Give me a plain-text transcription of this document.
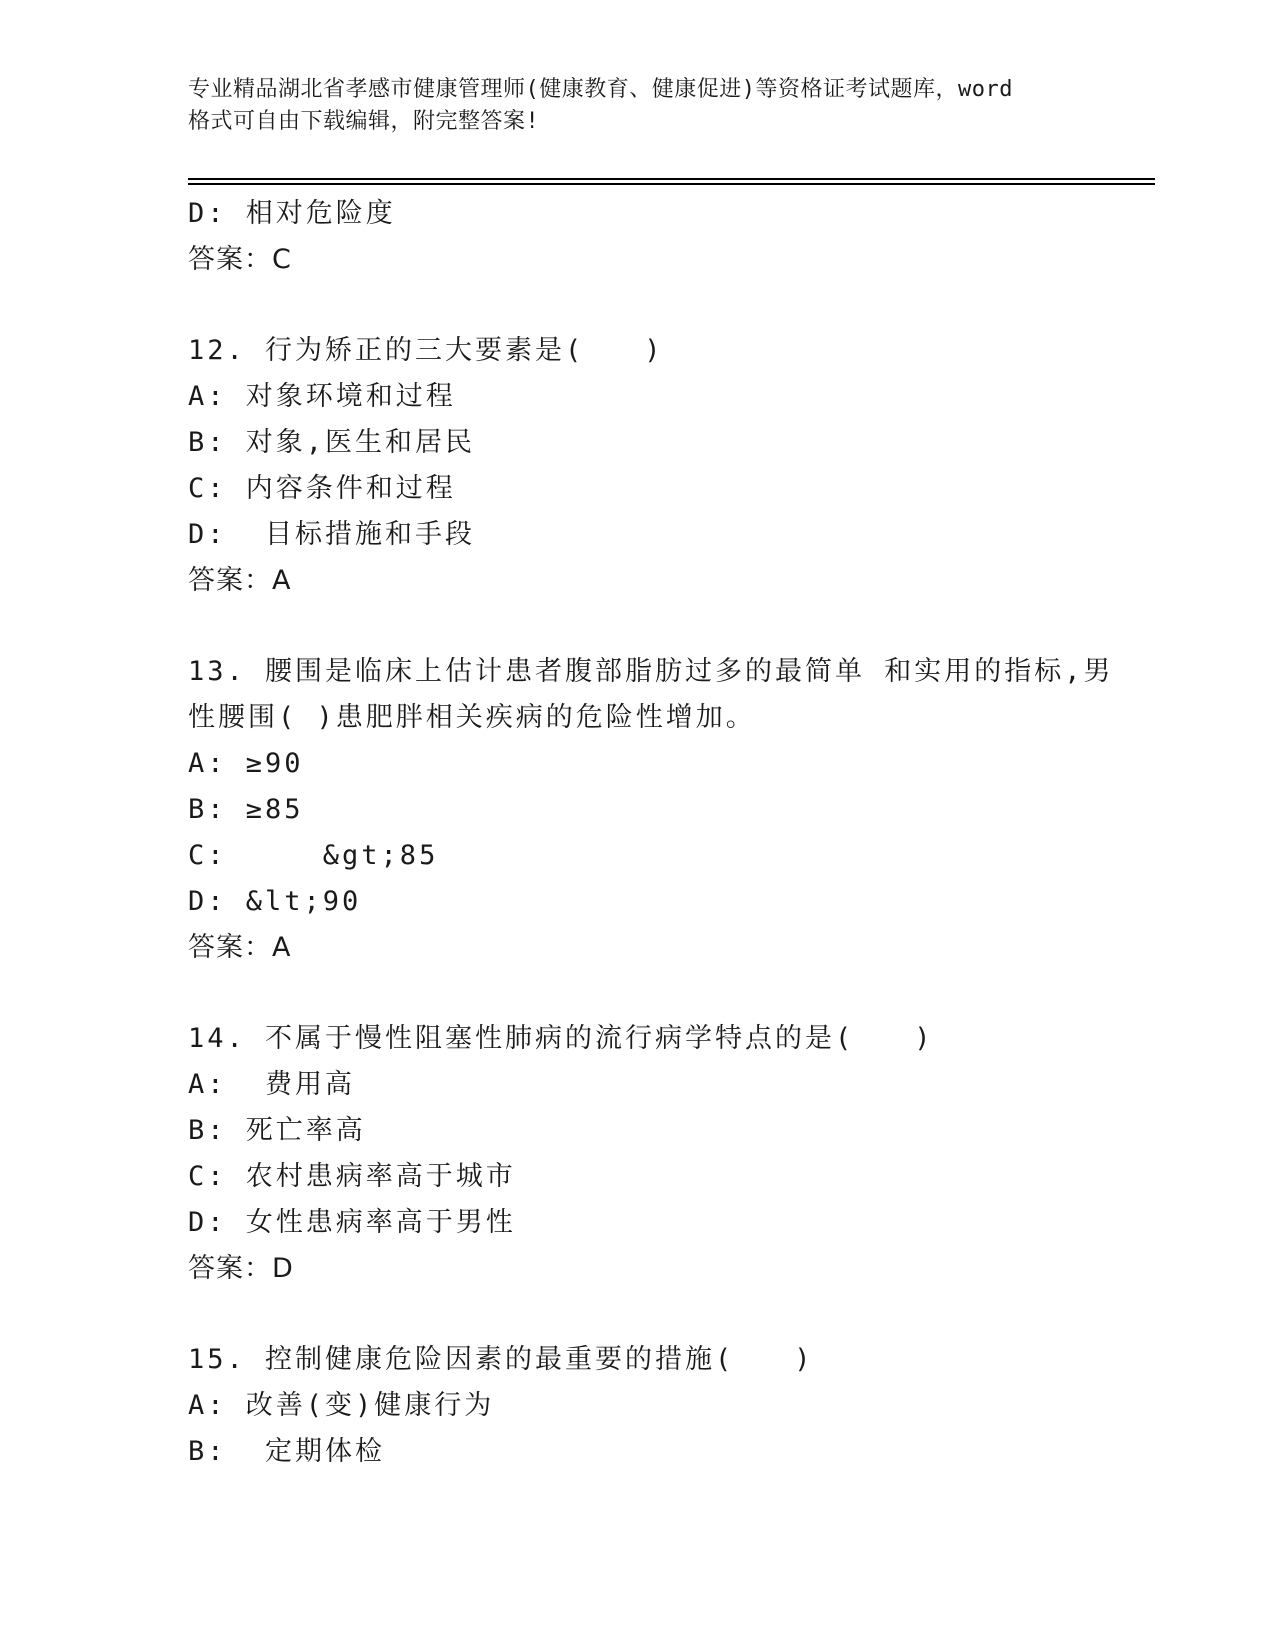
专业精品湖北省孝感市健康管理师(健康教育、健康促进)等资格证考试题库，word
格式可自由下载编辑，附完整答案!
D: 相对危险度
答案：C
12. 行为矫正的三大要素是(　　)
A: 对象环境和过程
B: 对象,医生和居民
C: 内容条件和过程
D:  目标措施和手段
答案：A
13. 腰围是临床上估计患者腹部脂肪过多的最简单 和实用的指标,男
性腰围( )患肥胖相关疾病的危险性增加。
A: ≥90
B: ≥85
C:     &gt;85
D: &lt;90
答案：A
14. 不属于慢性阻塞性肺病的流行病学特点的是(　　)
A:  费用高
B: 死亡率高
C: 农村患病率高于城市
D: 女性患病率高于男性
答案：D
15. 控制健康危险因素的最重要的措施(　　)
A: 改善(变)健康行为
B:  定期体检
